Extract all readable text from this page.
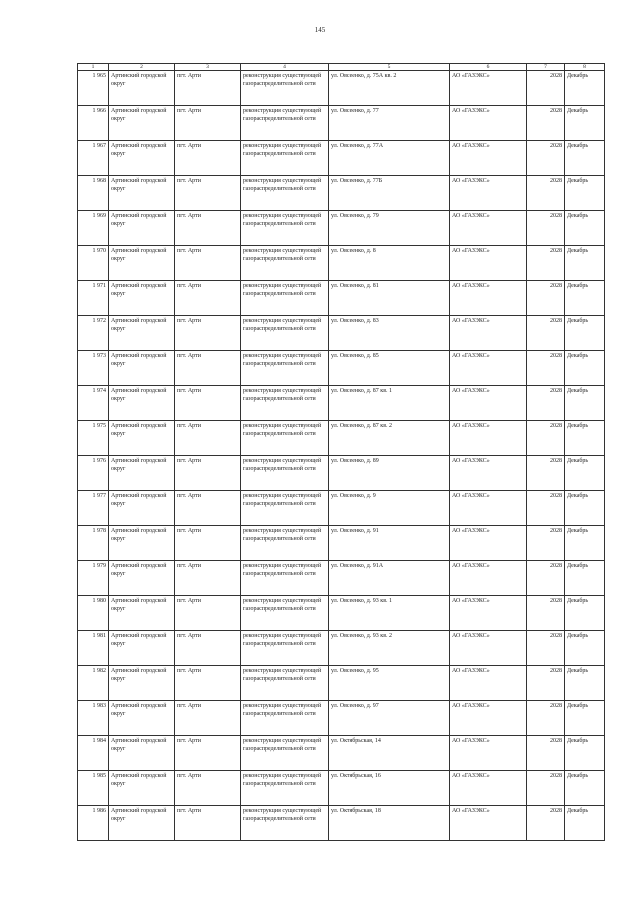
145
1	2	3	4	5	6	7	8
1 965	Артинский городской округ	пгт. Арти	реконструкция существующей газораспределительной сети	ул. Овсеенко, д. 75А кв. 2	АО «ГАЗЭКС»	2028	Декабрь
1 966	Артинский городской округ	пгт. Арти	реконструкция существующей газораспределительной сети	ул. Овсеенко, д. 77	АО «ГАЗЭКС»	2028	Декабрь
1 967	Артинский городской округ	пгт. Арти	реконструкция существующей газораспределительной сети	ул. Овсеенко, д. 77А	АО «ГАЗЭКС»	2028	Декабрь
1 968	Артинский городской округ	пгт. Арти	реконструкция существующей газораспределительной сети	ул. Овсеенко, д. 77Б	АО «ГАЗЭКС»	2028	Декабрь
1 969	Артинский городской округ	пгт. Арти	реконструкция существующей газораспределительной сети	ул. Овсеенко, д. 79	АО «ГАЗЭКС»	2028	Декабрь
1 970	Артинский городской округ	пгт. Арти	реконструкция существующей газораспределительной сети	ул. Овсеенко, д. 8	АО «ГАЗЭКС»	2028	Декабрь
1 971	Артинский городской округ	пгт. Арти	реконструкция существующей газораспределительной сети	ул. Овсеенко, д. 81	АО «ГАЗЭКС»	2028	Декабрь
1 972	Артинский городской округ	пгт. Арти	реконструкция существующей газораспределительной сети	ул. Овсеенко, д. 83	АО «ГАЗЭКС»	2028	Декабрь
1 973	Артинский городской округ	пгт. Арти	реконструкция существующей газораспределительной сети	ул. Овсеенко, д. 85	АО «ГАЗЭКС»	2028	Декабрь
1 974	Артинский городской округ	пгт. Арти	реконструкция существующей газораспределительной сети	ул. Овсеенко, д. 87 кв. 1	АО «ГАЗЭКС»	2028	Декабрь
1 975	Артинский городской округ	пгт. Арти	реконструкция существующей газораспределительной сети	ул. Овсеенко, д. 87 кв. 2	АО «ГАЗЭКС»	2028	Декабрь
1 976	Артинский городской округ	пгт. Арти	реконструкция существующей газораспределительной сети	ул. Овсеенко, д. 89	АО «ГАЗЭКС»	2028	Декабрь
1 977	Артинский городской округ	пгт. Арти	реконструкция существующей газораспределительной сети	ул. Овсеенко, д. 9	АО «ГАЗЭКС»	2028	Декабрь
1 978	Артинский городской округ	пгт. Арти	реконструкция существующей газораспределительной сети	ул. Овсеенко, д. 91	АО «ГАЗЭКС»	2028	Декабрь
1 979	Артинский городской округ	пгт. Арти	реконструкция существующей газораспределительной сети	ул. Овсеенко, д. 91А	АО «ГАЗЭКС»	2028	Декабрь
1 980	Артинский городской округ	пгт. Арти	реконструкция существующей газораспределительной сети	ул. Овсеенко, д. 93 кв. 1	АО «ГАЗЭКС»	2028	Декабрь
1 981	Артинский городской округ	пгт. Арти	реконструкция существующей газораспределительной сети	ул. Овсеенко, д. 93 кв. 2	АО «ГАЗЭКС»	2028	Декабрь
1 982	Артинский городской округ	пгт. Арти	реконструкция существующей газораспределительной сети	ул. Овсеенко, д. 95	АО «ГАЗЭКС»	2028	Декабрь
1 983	Артинский городской округ	пгт. Арти	реконструкция существующей газораспределительной сети	ул. Овсеенко, д. 97	АО «ГАЗЭКС»	2028	Декабрь
1 984	Артинский городской округ	пгт. Арти	реконструкция существующей газораспределительной сети	ул. Октябрьская, 14	АО «ГАЗЭКС»	2028	Декабрь
1 985	Артинский городской округ	пгт. Арти	реконструкция существующей газораспределительной сети	ул. Октябрьская, 16	АО «ГАЗЭКС»	2028	Декабрь
1 986	Артинский городской округ	пгт. Арти	реконструкция существующей газораспределительной сети	ул. Октябрьская, 18	АО «ГАЗЭКС»	2028	Декабрь
